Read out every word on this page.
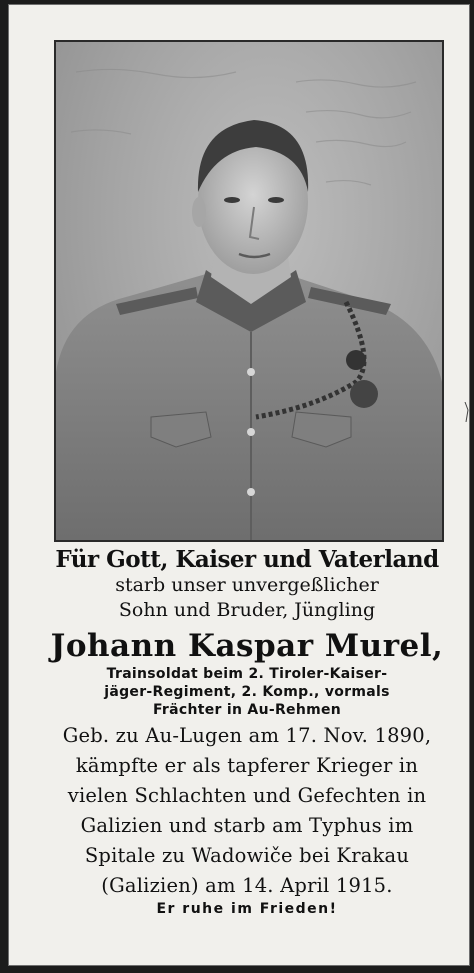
Für Gott, Kaiser und Vaterland
starb unser unvergeßlicher
Sohn und Bruder, Jüngling
Johann Kaspar Murel,
Trainsoldat beim 2. Tiroler-Kaiser-
jäger-Regiment, 2. Komp., vormals
Frächter in Au-Rehmen
Geb. zu Au-Lugen am 17. Nov. 1890,
kämpfte er als tapferer Krieger in
vielen Schlachten und Gefechten in
Galizien und starb am Typhus im
Spitale zu Wadowiče bei Krakau
(Galizien) am 14. April 1915.
Er ruhe im Frieden!
